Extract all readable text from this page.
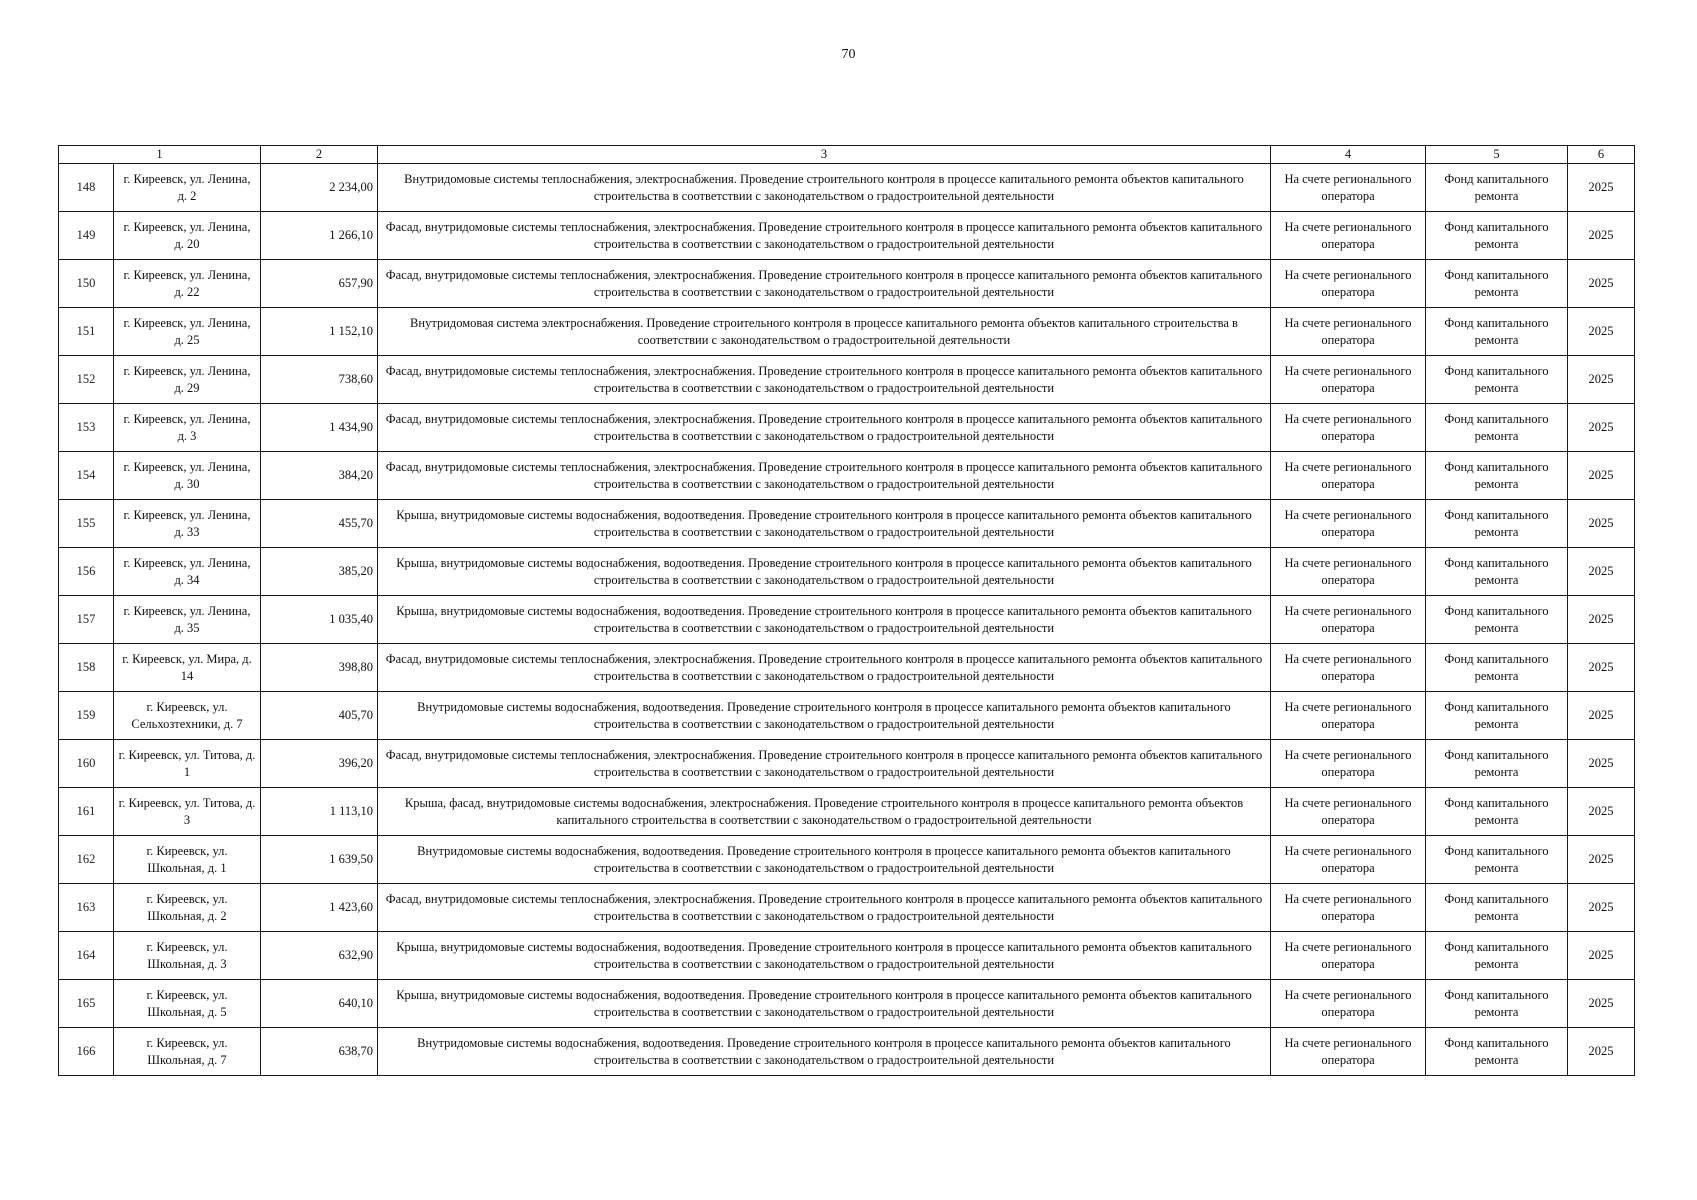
70
1		2	3	4	5	6
148	г. Киреевск, ул. Ленина, д. 2	2 234,00	Внутридомовые системы теплоснабжения, электроснабжения. Проведение строительного контроля в процессе капитального ремонта объектов капитального строительства в соответствии с законодательством о градостроительной деятельности	На счете регионального оператора	Фонд капитального ремонта	2025
149	г. Киреевск, ул. Ленина, д. 20	1 266,10	Фасад, внутридомовые системы теплоснабжения, электроснабжения. Проведение строительного контроля в процессе капитального ремонта объектов капитального строительства в соответствии с законодательством о градостроительной деятельности	На счете регионального оператора	Фонд капитального ремонта	2025
150	г. Киреевск, ул. Ленина, д. 22	657,90	Фасад, внутридомовые системы теплоснабжения, электроснабжения. Проведение строительного контроля в процессе капитального ремонта объектов капитального строительства в соответствии с законодательством о градостроительной деятельности	На счете регионального оператора	Фонд капитального ремонта	2025
151	г. Киреевск, ул. Ленина, д. 25	1 152,10	Внутридомовая система электроснабжения. Проведение строительного контроля в процессе капитального ремонта объектов капитального строительства в соответствии с законодательством о градостроительной деятельности	На счете регионального оператора	Фонд капитального ремонта	2025
152	г. Киреевск, ул. Ленина, д. 29	738,60	Фасад, внутридомовые системы теплоснабжения, электроснабжения. Проведение строительного контроля в процессе капитального ремонта объектов капитального строительства в соответствии с законодательством о градостроительной деятельности	На счете регионального оператора	Фонд капитального ремонта	2025
153	г. Киреевск, ул. Ленина, д. 3	1 434,90	Фасад, внутридомовые системы теплоснабжения, электроснабжения. Проведение строительного контроля в процессе капитального ремонта объектов капитального строительства в соответствии с законодательством о градостроительной деятельности	На счете регионального оператора	Фонд капитального ремонта	2025
154	г. Киреевск, ул. Ленина, д. 30	384,20	Фасад, внутридомовые системы теплоснабжения, электроснабжения. Проведение строительного контроля в процессе капитального ремонта объектов капитального строительства в соответствии с законодательством о градостроительной деятельности	На счете регионального оператора	Фонд капитального ремонта	2025
155	г. Киреевск, ул. Ленина, д. 33	455,70	Крыша, внутридомовые системы водоснабжения, водоотведения. Проведение строительного контроля в процессе капитального ремонта объектов капитального строительства в соответствии с законодательством о градостроительной деятельности	На счете регионального оператора	Фонд капитального ремонта	2025
156	г. Киреевск, ул. Ленина, д. 34	385,20	Крыша, внутридомовые системы водоснабжения, водоотведения. Проведение строительного контроля в процессе капитального ремонта объектов капитального строительства в соответствии с законодательством о градостроительной деятельности	На счете регионального оператора	Фонд капитального ремонта	2025
157	г. Киреевск, ул. Ленина, д. 35	1 035,40	Крыша, внутридомовые системы водоснабжения, водоотведения. Проведение строительного контроля в процессе капитального ремонта объектов капитального строительства в соответствии с законодательством о градостроительной деятельности	На счете регионального оператора	Фонд капитального ремонта	2025
158	г. Киреевск, ул. Мира, д. 14	398,80	Фасад, внутридомовые системы теплоснабжения, электроснабжения. Проведение строительного контроля в процессе капитального ремонта объектов капитального строительства в соответствии с законодательством о градостроительной деятельности	На счете регионального оператора	Фонд капитального ремонта	2025
159	г. Киреевск, ул. Сельхозтехники, д. 7	405,70	Внутридомовые системы водоснабжения, водоотведения. Проведение строительного контроля в процессе капитального ремонта объектов капитального строительства в соответствии с законодательством о градостроительной деятельности	На счете регионального оператора	Фонд капитального ремонта	2025
160	г. Киреевск, ул. Титова, д. 1	396,20	Фасад, внутридомовые системы теплоснабжения, электроснабжения. Проведение строительного контроля в процессе капитального ремонта объектов капитального строительства в соответствии с законодательством о градостроительной деятельности	На счете регионального оператора	Фонд капитального ремонта	2025
161	г. Киреевск, ул. Титова, д. 3	1 113,10	Крыша, фасад, внутридомовые системы водоснабжения, электроснабжения. Проведение строительного контроля в процессе капитального ремонта объектов капитального строительства в соответствии с законодательством о градостроительной деятельности	На счете регионального оператора	Фонд капитального ремонта	2025
162	г. Киреевск, ул. Школьная, д. 1	1 639,50	Внутридомовые системы водоснабжения, водоотведения. Проведение строительного контроля в процессе капитального ремонта объектов капитального строительства в соответствии с законодательством о градостроительной деятельности	На счете регионального оператора	Фонд капитального ремонта	2025
163	г. Киреевск, ул. Школьная, д. 2	1 423,60	Фасад, внутридомовые системы теплоснабжения, электроснабжения. Проведение строительного контроля в процессе капитального ремонта объектов капитального строительства в соответствии с законодательством о градостроительной деятельности	На счете регионального оператора	Фонд капитального ремонта	2025
164	г. Киреевск, ул. Школьная, д. 3	632,90	Крыша, внутридомовые системы водоснабжения, водоотведения. Проведение строительного контроля в процессе капитального ремонта объектов капитального строительства в соответствии с законодательством о градостроительной деятельности	На счете регионального оператора	Фонд капитального ремонта	2025
165	г. Киреевск, ул. Школьная, д. 5	640,10	Крыша, внутридомовые системы водоснабжения, водоотведения. Проведение строительного контроля в процессе капитального ремонта объектов капитального строительства в соответствии с законодательством о градостроительной деятельности	На счете регионального оператора	Фонд капитального ремонта	2025
166	г. Киреевск, ул. Школьная, д. 7	638,70	Внутридомовые системы водоснабжения, водоотведения. Проведение строительного контроля в процессе капитального ремонта объектов капитального строительства в соответствии с законодательством о градостроительной деятельности	На счете регионального оператора	Фонд капитального ремонта	2025
